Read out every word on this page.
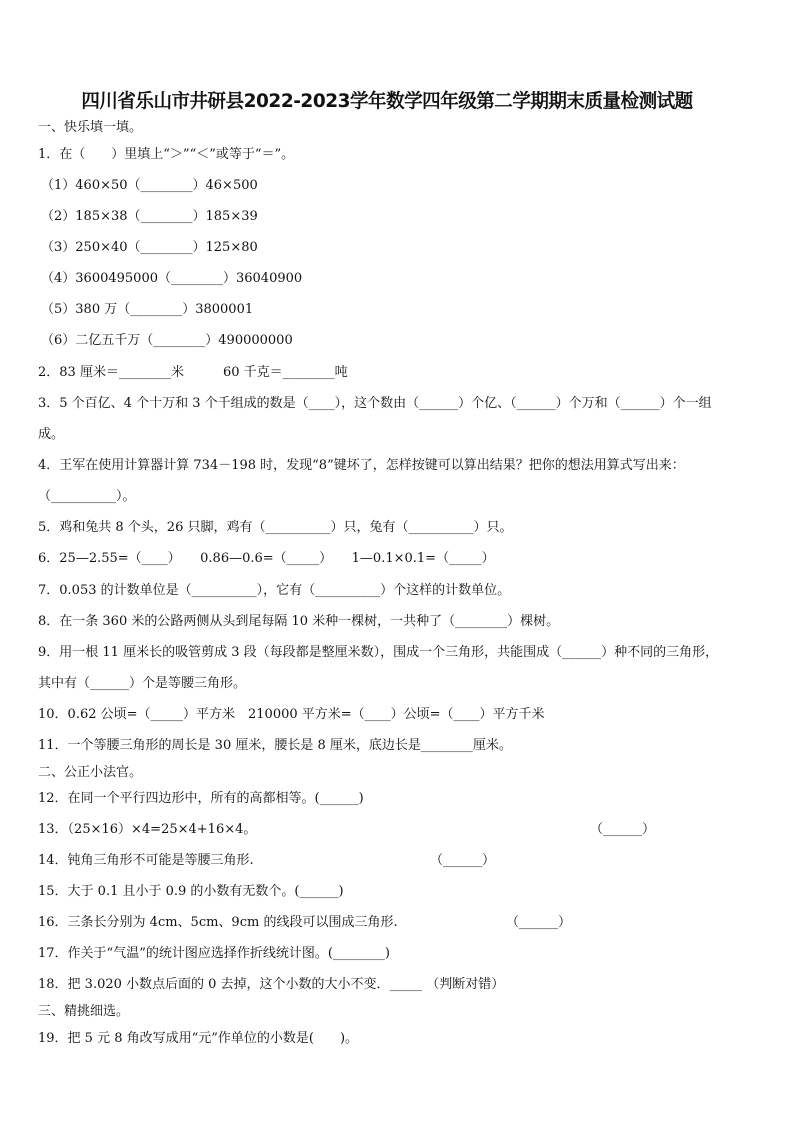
四川省乐山市井研县2022-2023学年数学四年级第二学期期末质量检测试题
一、快乐填一填。
1．在（　　）里填上“＞”“＜”或等于“＝”。
（1）460×50（________）46×500
（2）185×38（________）185×39
（3）250×40（________）125×80
（4）3600495000（________）36040900
（5）380 万（________）3800001
（6）二亿五千万（________）490000000
2．83 厘米＝________米　　　60 千克＝________吨
3．5 个百亿、4 个十万和 3 个千组成的数是（____），这个数由（______）个亿、（______）个万和（______）个一组
成。
4．王军在使用计算器计算 734－198 时，发现“8”键坏了，怎样按键可以算出结果？把你的想法用算式写出来：
（__________）。
5．鸡和兔共 8 个头，26 只脚，鸡有（__________）只，兔有（__________）只。
6．25—2.55=（____）　　0.86—0.6=（_____）　　1—0.1×0.1=（_____）
7．0.053 的计数单位是（__________），它有（__________）个这样的计数单位。
8．在一条 360 米的公路两侧从头到尾每隔 10 米种一棵树，一共种了（________）棵树。
9．用一根 11 厘米长的吸管剪成 3 段（每段都是整厘米数），围成一个三角形，共能围成（______）种不同的三角形，
其中有（______）个是等腰三角形。
10．0.62 公顷=（_____）平方米　210000 平方米=（____）公顷=（____）平方千米
11．一个等腰三角形的周长是 30 厘米，腰长是 8 厘米，底边长是________厘米。
二、公正小法官。
12．在同一个平行四边形中，所有的高都相等。(______)
13．（25×16）×4=25×4+16×4。	（______）
14．钝角三角形不可能是等腰三角形.	（______）
15．大于 0.1 且小于 0.9 的小数有无数个。(______)
16．三条长分别为 4cm、5cm、9cm 的线段可以围成三角形.	（______）
17．作关于“气温”的统计图应选择作折线统计图。(________)
18．把 3.020 小数点后面的 0 去掉，这个小数的大小不变．_____ （判断对错）
三、精挑细选。
19．把 5 元 8 角改写成用“元”作单位的小数是(　　)。
